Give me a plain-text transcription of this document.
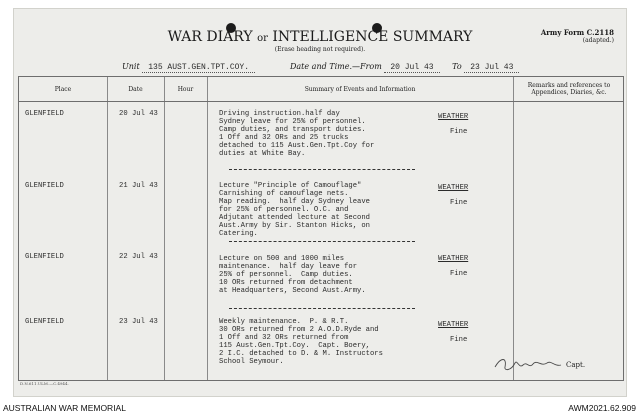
WAR DIARY or INTELLIGENCE SUMMARY
(Erase heading not required).
Army Form C.2118
(adapted.)
Unit 135 AUST.GEN.TPT.COY.	Date and Time.—From 20 Jul 43 To 23 Jul 43
Place	Date	Hour	Summary of Events and Information	Remarks and references to Appendices, Diaries, &c.
GLENFIELD	20 Jul 43	Driving instruction.half day
Sydney leave for 25% of personnel.
Camp duties, and transport duties.
1 Off and 32 ORs and 25 trucks
detached to 115 Aust.Gen.Tpt.Coy for
duties at White Bay.
WEATHER
Fine
GLENFIELD	21 Jul 43	Lecture "Principle of Camouflage"
Carnishing of camouflage nets.
Map reading.  half day Sydney leave
for 25% of personnel. O.C. and
Adjutant attended lecture at Second
Aust.Army by Sir. Stanton Hicks, on
Catering.
WEATHER
Fine
GLENFIELD	22 Jul 43	Lecture on 500 and 1000 miles
maintenance.  half day leave for
25% of personnel.  Camp duties.
10 ORs returned from detachment
at Headquarters, Second Aust.Army.
WEATHER
Fine
GLENFIELD	23 Jul 43	Weekly maintenance.  P. & R.T.
30 ORs returned from 2 A.O.D.Ryde and
1 Off and 32 ORs returned from
115 Aust.Gen.Tpt.Coy.  Capt. Boery,
2 I.C. detached to D. & M. Instructors
School Seymour.
WEATHER
Fine
Capt.
D.N.611.ULM.—C.4944.
AUSTRALIAN WAR MEMORIAL	AWM2021.62.909
